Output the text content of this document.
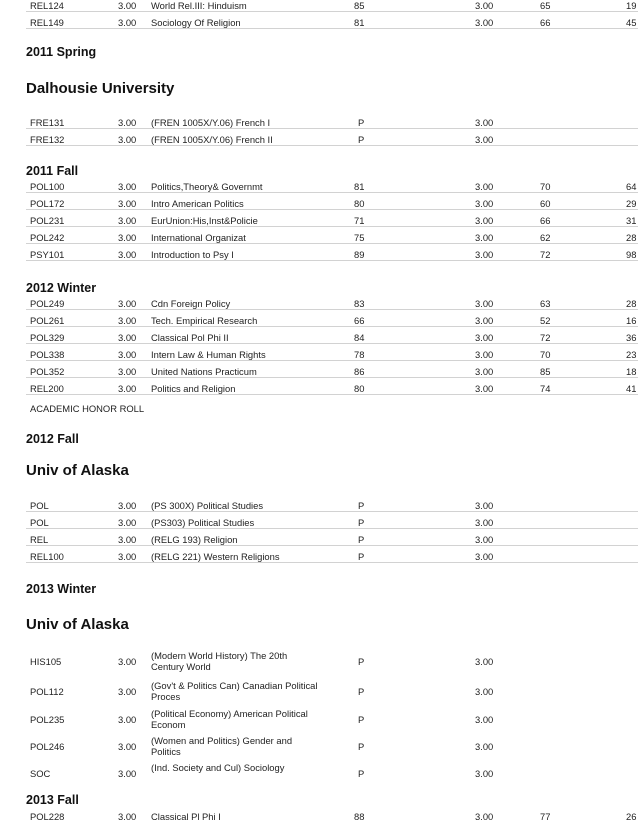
REL124	3.00 World Rel.III: Hinduism	85	3.00	65	19
REL149	3.00 Sociology Of Religion	81	3.00	66	45
2011 Spring
Dalhousie University
FRE131	3.00 (FREN 1005X/Y.06) French I	P	3.00
FRE132	3.00 (FREN 1005X/Y.06) French II	P	3.00
2011 Fall
POL100	3.00 Politics,Theory& Governmt	81	3.00	70	64
POL172	3.00 Intro American Politics	80	3.00	60	29
POL231	3.00 EurUnion:His,Inst&Policie	71	3.00	66	31
POL242	3.00 International Organizat	75	3.00	62	28
PSY101	3.00 Introduction to Psy I	89	3.00	72	98
2012 Winter
POL249	3.00 Cdn Foreign Policy	83	3.00	63	28
POL261	3.00 Tech. Empirical Research	66	3.00	52	16
POL329	3.00 Classical Pol Phi II	84	3.00	72	36
POL338	3.00 Intern Law & Human Rights	78	3.00	70	23
POL352	3.00 United Nations Practicum	86	3.00	85	18
REL200	3.00 Politics and Religion	80	3.00	74	41
ACADEMIC HONOR ROLL
2012 Fall
Univ of Alaska
POL	3.00 (PS 300X) Political Studies	P	3.00
POL	3.00 (PS303) Political Studies	P	3.00
REL	3.00 (RELG 193) Religion	P	3.00
REL100	3.00 (RELG 221) Western Religions	P	3.00
2013 Winter
Univ of Alaska
HIS105	3.00 (Modern World History) The 20th Century World	P	3.00
POL112	3.00 (Gov't & Politics Can) Canadian Political Proces	P	3.00
POL235	3.00 (Political Economy) American Political Econom	P	3.00
POL246	3.00 (Women and Politics) Gender and Politics	P	3.00
SOC	3.00 (Ind. Society and Cul) Sociology	P	3.00
2013 Fall
POL228	3.00 Classical Pl Phi I	88	3.00	77	26
